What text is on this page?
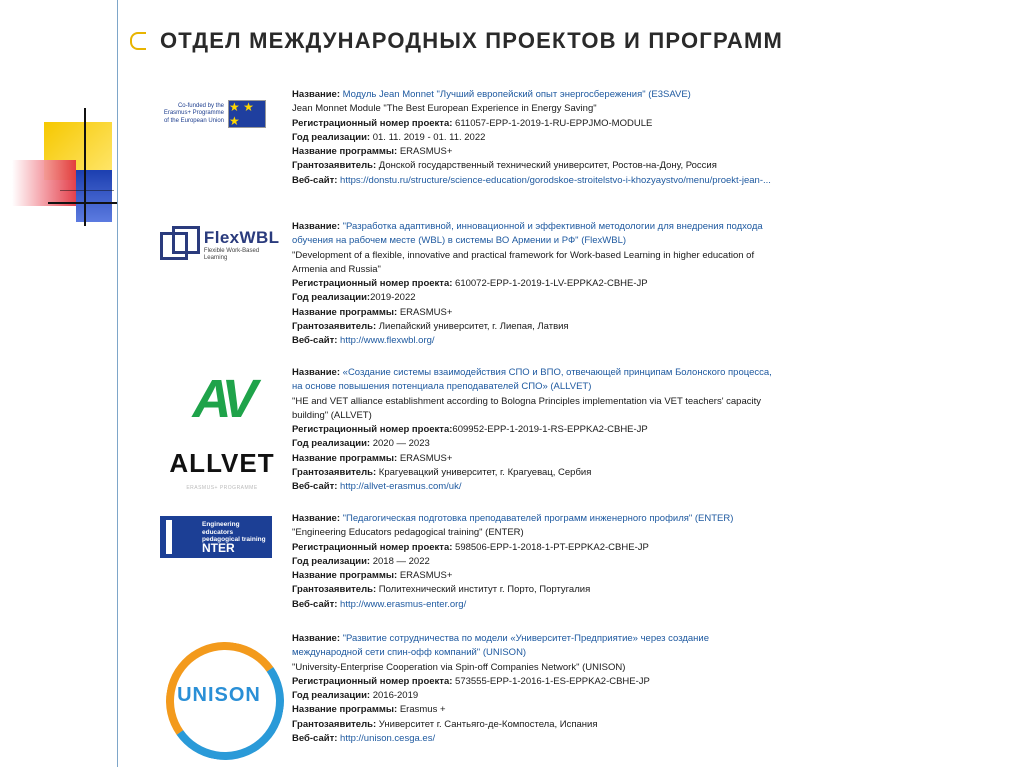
ОТДЕЛ МЕЖДУНАРОДНЫХ ПРОЕКТОВ И ПРОГРАММ
Co-funded by the Erasmus+ Programme of the European Union
★ ★ ★
Название: Модуль Jean Monnet "Лучший европейский опыт энергосбережения" (E3SAVE)
Jean Monnet Module "The Best European Experience in Energy Saving"
Регистрационный номер проекта: 611057-EPP-1-2019-1-RU-EPPJMO-MODULE
Год реализации: 01. 11. 2019 - 01. 11. 2022
Название программы: ERASMUS+
Грантозаявитель: Донской государственный технический университет, Ростов-на-Дону, Россия
Веб-сайт: https://donstu.ru/structure/science-education/gorodskoe-stroitelstvo-i-khozyaystvo/menu/proekt-jean-...
FlexWBL
Flexible Work-Based Learning
Название: "Разработка адаптивной, инновационной и эффективной методологии для внедрения подхода обучения на рабочем месте (WBL) в системы ВО Армении и РФ" (FlexWBL)
"Development of a flexible, innovative and practical framework for Work-based Learning in higher education of Armenia and Russia"
Регистрационный номер проекта: 610072-EPP-1-2019-1-LV-EPPKA2-CBHE-JP
Год реализации:2019-2022
Название программы: ERASMUS+
Грантозаявитель: Лиепайский университет, г. Лиепая, Латвия
Веб-сайт: http://www.flexwbl.org/
AV
ALLVET
ERASMUS+ PROGRAMME
Название: «Создание системы взаимодействия СПО и ВПО, отвечающей принципам Болонского процесса, на основе повышения потенциала преподавателей СПО» (ALLVET)
"HE and VET alliance establishment according to Bologna Principles implementation via VET teachers' capacity building" (ALLVET)
Регистрационный номер проекта:609952-EPP-1-2019-1-RS-EPPKA2-CBHE-JP
Год реализации: 2020 — 2023
Название программы: ERASMUS+
Грантозаявитель: Крагуевацкий университет, г. Крагуевац, Сербия
Веб-сайт: http://allvet-erasmus.com/uk/
Engineering educators pedagogical training
NTER
Название: "Педагогическая подготовка преподавателей программ инженерного профиля" (ENTER)
"Engineering Educators pedagogical training" (ENTER)
Регистрационный номер проекта: 598506-EPP-1-2018-1-PT-EPPKA2-CBHE-JP
Год реализации: 2018 — 2022
Название программы: ERASMUS+
Грантозаявитель: Политехнический институт г. Порто, Португалия
Веб-сайт: http://www.erasmus-enter.org/
UNISON
Название: "Развитие сотрудничества по модели «Университет-Предприятие» через создание международной сети спин-офф компаний" (UNISON)
"University-Enterprise Cooperation via Spin-off Companies Network" (UNISON)
Регистрационный номер проекта: 573555-EPP-1-2016-1-ES-EPPKA2-CBHE-JP
Год реализации: 2016-2019
Название программы: Erasmus +
Грантозаявитель: Университет г. Сантьяго-де-Компостела, Испания
Веб-сайт: http://unison.cesga.es/
